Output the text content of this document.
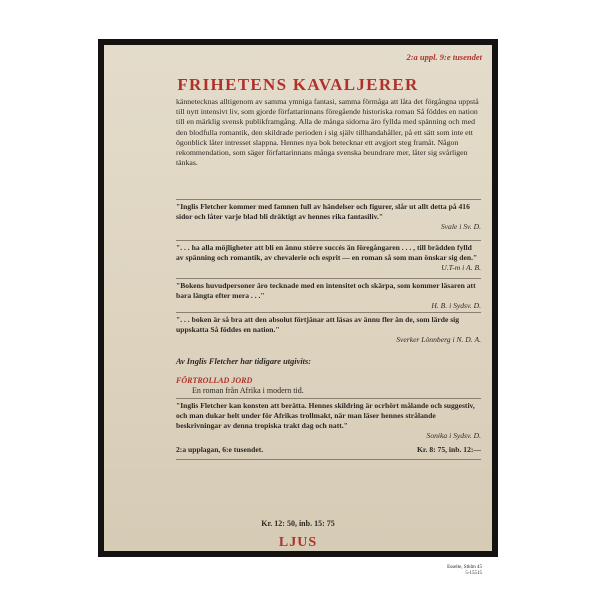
2:a uppl. 9:e tusendet
FRIHETENS KAVALJERER

kännetecknas alltigenom av samma ymniga fantasi, samma förmåga att låta det förgångna uppstå till nytt intensivt liv, som gjorde författarinnans föregående historiska roman Så föddes en nation till en märklig svensk publikframgång. Alla de många sidorna äro fyllda med spänning och med den blodfulla romantik, den skildrade perioden i sig själv tillhandahåller, på ett sätt som inte ett ögonblick låter intresset slappna. Hennes nya bok betecknar ett avgjort steg framåt. Någon rekommendation, som säger författarinnans många svenska beundrare mer, låter sig svårligen tänkas.

"Inglis Fletcher kommer med famnen full av händelser och figurer, slår ut allt detta på 416 sidor och låter varje blad bli dräktigt av hennes rika fantasiliv."
Svale i Sv. D.

". . . ha alla möjligheter att bli en ännu större succés än föregångaren . . . , till brädden fylld av spänning och romantik, av chevalerie och esprit — en roman så som man önskar sig den."
U.T-m i A. B.

"Bokens huvudpersoner äro tecknade med en intensitet och skärpa, som kommer läsaren att bara längta efter mera . . ."
H. B. i Sydsv. D.

". . . boken är så bra att den absolut förtjänar att läsas av ännu fler än de, som lärde sig uppskatta Så föddes en nation."
Sverker Lönnberg i N. D. A.

Av Inglis Fletcher har tidigare utgivits:
FÖRTROLLAD JORD
En roman från Afrika i modern tid.

"Inglis Fletcher kan konsten att berätta. Hennes skildring är ocrhört målande och suggestiv, och man dukar helt under för Afrikas trollmakt, när man läser hennes strålande beskrivningar av denna tropiska trakt dag och natt."
Sonika i Sydsv. D.

2:a upplagan, 6:e tusendet.	Kr. 8: 75, inb. 12:—
Kr. 12: 50, inb. 15: 75
LJUS
Esselte, Sthlm 45
5-15515
